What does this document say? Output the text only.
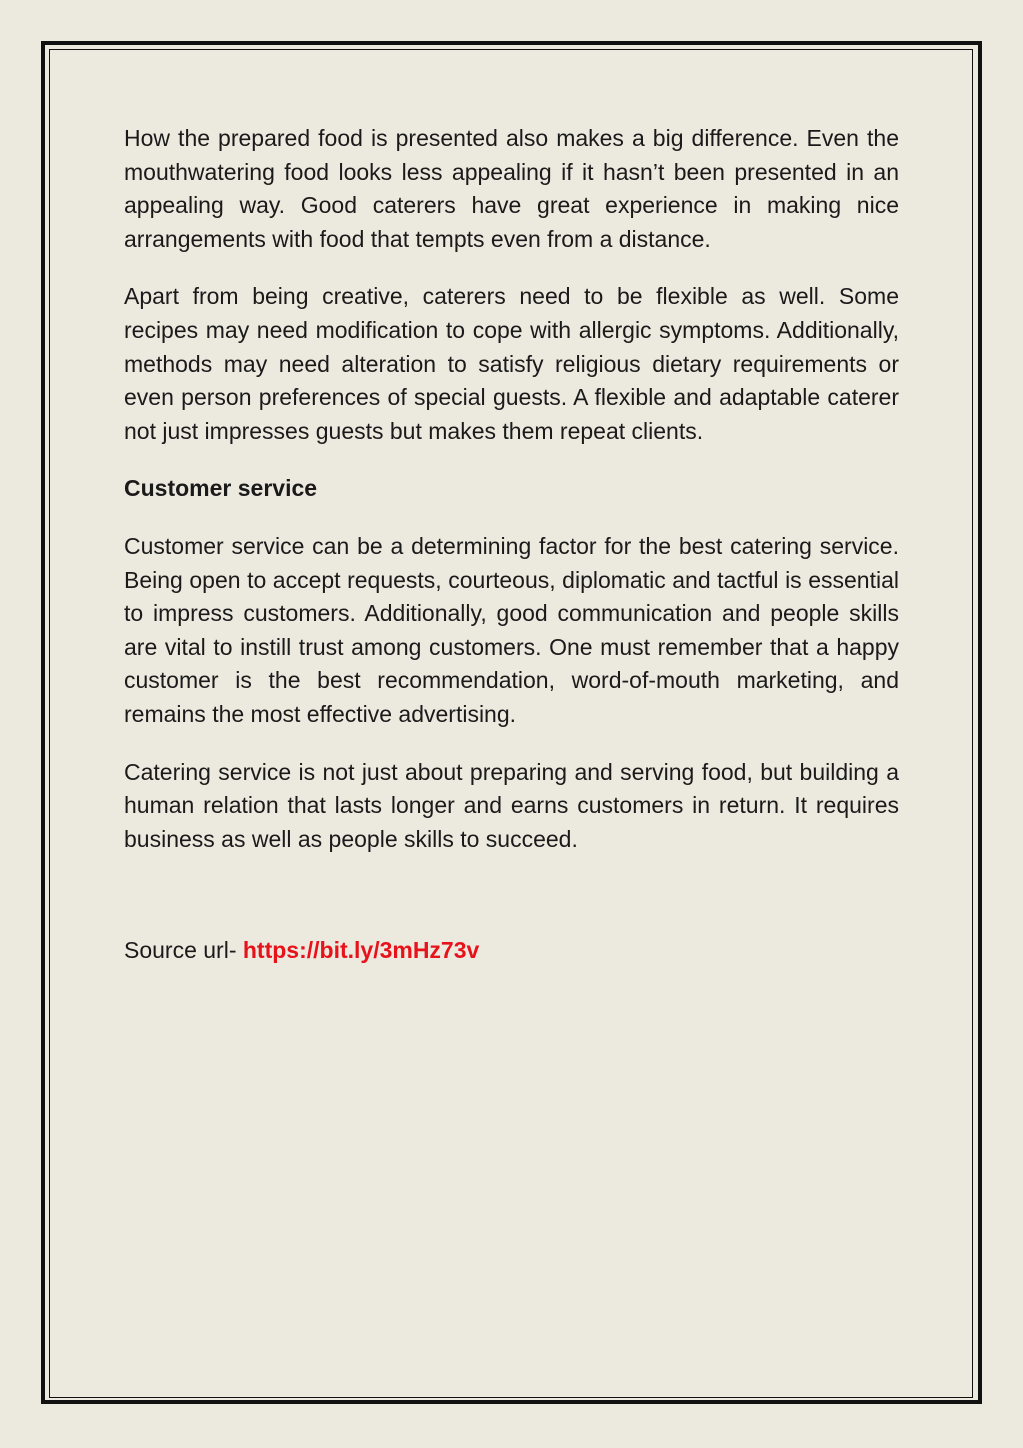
How the prepared food is presented also makes a big difference. Even the mouthwatering food looks less appealing if it hasn’t been presented in an appealing way. Good caterers have great experience in making nice arrangements with food that tempts even from a distance.

Apart from being creative, caterers need to be flexible as well. Some recipes may need modification to cope with allergic symptoms. Additionally, methods may need alteration to satisfy religious dietary requirements or even person preferences of special guests. A flexible and adaptable caterer not just impresses guests but makes them repeat clients.

Customer service

Customer service can be a determining factor for the best catering service. Being open to accept requests, courteous, diplomatic and tactful is essential to impress customers. Additionally, good communication and people skills are vital to instill trust among customers. One must remember that a happy customer is the best recommendation, word-of-mouth marketing, and remains the most effective advertising.

Catering service is not just about preparing and serving food, but building a human relation that lasts longer and earns customers in return. It requires business as well as people skills to succeed.

Source url- https://bit.ly/3mHz73v
